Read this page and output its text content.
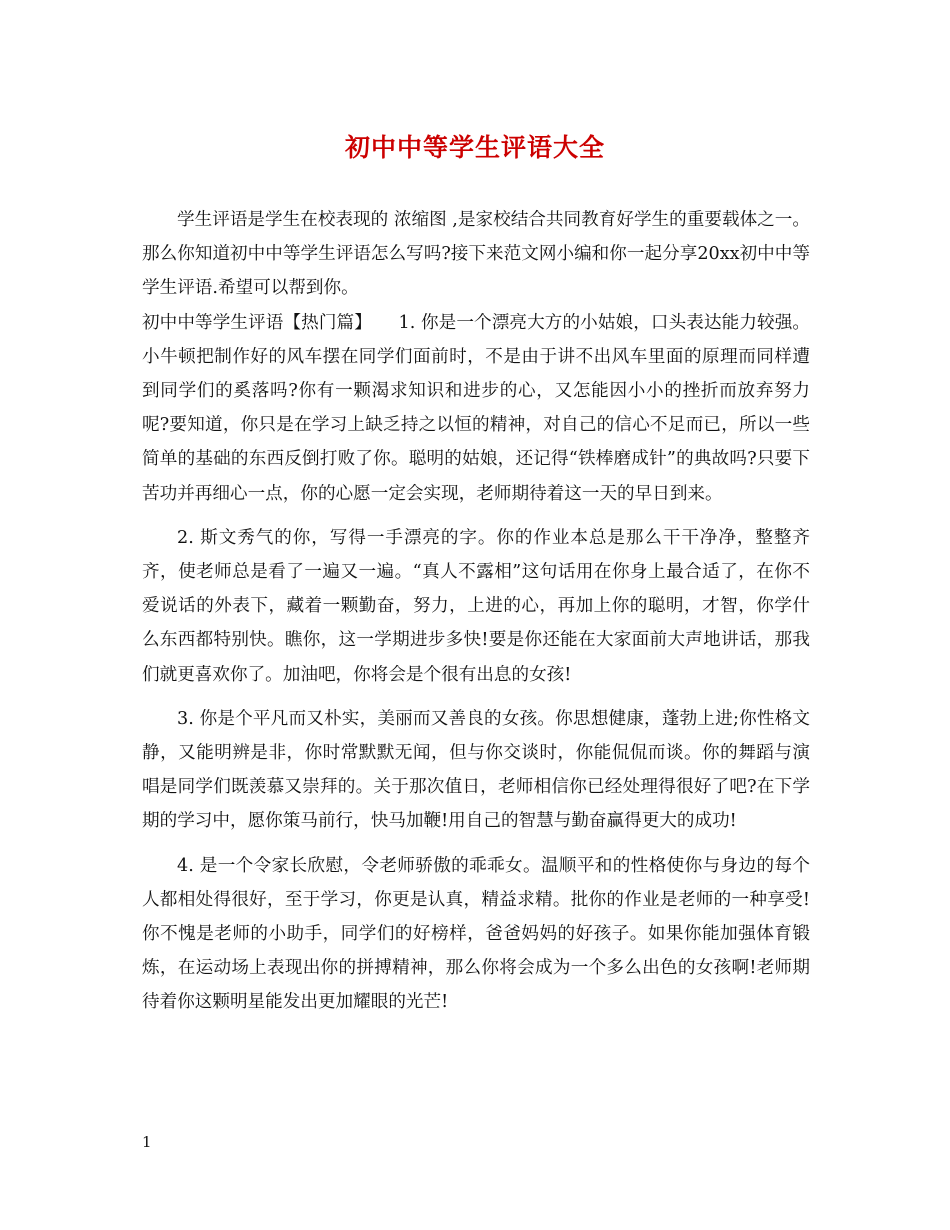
初中中等学生评语大全

学生评语是学生在校表现的 浓缩图 ,是家校结合共同教育好学生的重要载体之一。那么你知道初中中等学生评语怎么写吗?接下来范文网小编和你一起分享20xx初中中等学生评语.希望可以帮到你。

初中中等学生评语【热门篇】　　1. 你是一个漂亮大方的小姑娘，口头表达能力较强。小牛顿把制作好的风车摆在同学们面前时，不是由于讲不出风车里面的原理而同样遭到同学们的奚落吗?你有一颗渴求知识和进步的心，又怎能因小小的挫折而放弃努力呢?要知道，你只是在学习上缺乏持之以恒的精神，对自己的信心不足而已，所以一些简单的基础的东西反倒打败了你。聪明的姑娘，还记得“铁棒磨成针”的典故吗?只要下苦功并再细心一点，你的心愿一定会实现，老师期待着这一天的早日到来。

2. 斯文秀气的你，写得一手漂亮的字。你的作业本总是那么干干净净，整整齐齐，使老师总是看了一遍又一遍。“真人不露相”这句话用在你身上最合适了，在你不爱说话的外表下，藏着一颗勤奋，努力，上进的心，再加上你的聪明，才智，你学什么东西都特别快。瞧你，这一学期进步多快!要是你还能在大家面前大声地讲话，那我们就更喜欢你了。加油吧，你将会是个很有出息的女孩!

3. 你是个平凡而又朴实，美丽而又善良的女孩。你思想健康，蓬勃上进;你性格文静，又能明辨是非，你时常默默无闻，但与你交谈时，你能侃侃而谈。你的舞蹈与演唱是同学们既羡慕又崇拜的。关于那次值日，老师相信你已经处理得很好了吧?在下学期的学习中，愿你策马前行，快马加鞭!用自己的智慧与勤奋赢得更大的成功!

4. 是一个令家长欣慰，令老师骄傲的乖乖女。温顺平和的性格使你与身边的每个人都相处得很好，至于学习，你更是认真，精益求精。批你的作业是老师的一种享受!你不愧是老师的小助手，同学们的好榜样，爸爸妈妈的好孩子。如果你能加强体育锻炼，在运动场上表现出你的拼搏精神，那么你将会成为一个多么出色的女孩啊!老师期待着你这颗明星能发出更加耀眼的光芒!

1
